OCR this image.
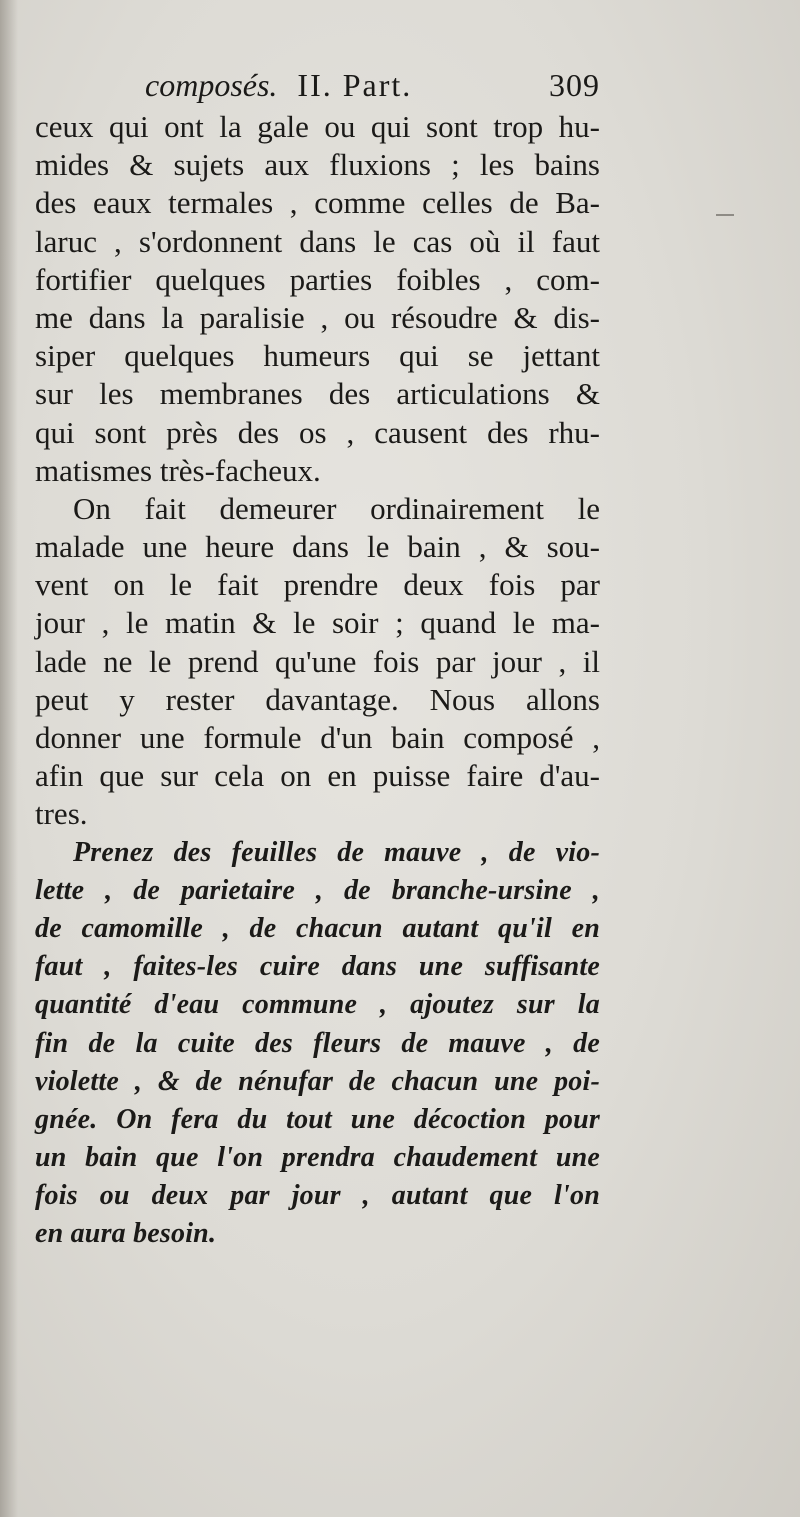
composés. II. Part.	309
ceux qui ont la gale ou qui sont trop hu-
mides & sujets aux fluxions ; les bains
des eaux termales , comme celles de Ba-
laruc , s'ordonnent dans le cas où il faut
fortifier quelques parties foibles , com-
me dans la paralisie , ou résoudre & dis-
siper quelques humeurs qui se jettant
sur les membranes des articulations &
qui sont près des os , causent des rhu-
matismes très-facheux.
On fait demeurer ordinairement le
malade une heure dans le bain , & sou-
vent on le fait prendre deux fois par
jour , le matin & le soir ; quand le ma-
lade ne le prend qu'une fois par jour , il
peut y rester davantage. Nous allons
donner une formule d'un bain composé ,
afin que sur cela on en puisse faire d'au-
tres.
Prenez des feuilles de mauve , de vio-
lette , de parietaire , de branche-ursine ,
de camomille , de chacun autant qu'il en
faut , faites-les cuire dans une suffisante
quantité d'eau commune , ajoutez sur la
fin de la cuite des fleurs de mauve , de
violette , & de nénufar de chacun une poi-
gnée. On fera du tout une décoction pour
un bain que l'on prendra chaudement une
fois ou deux par jour , autant que l'on
en aura besoin.
